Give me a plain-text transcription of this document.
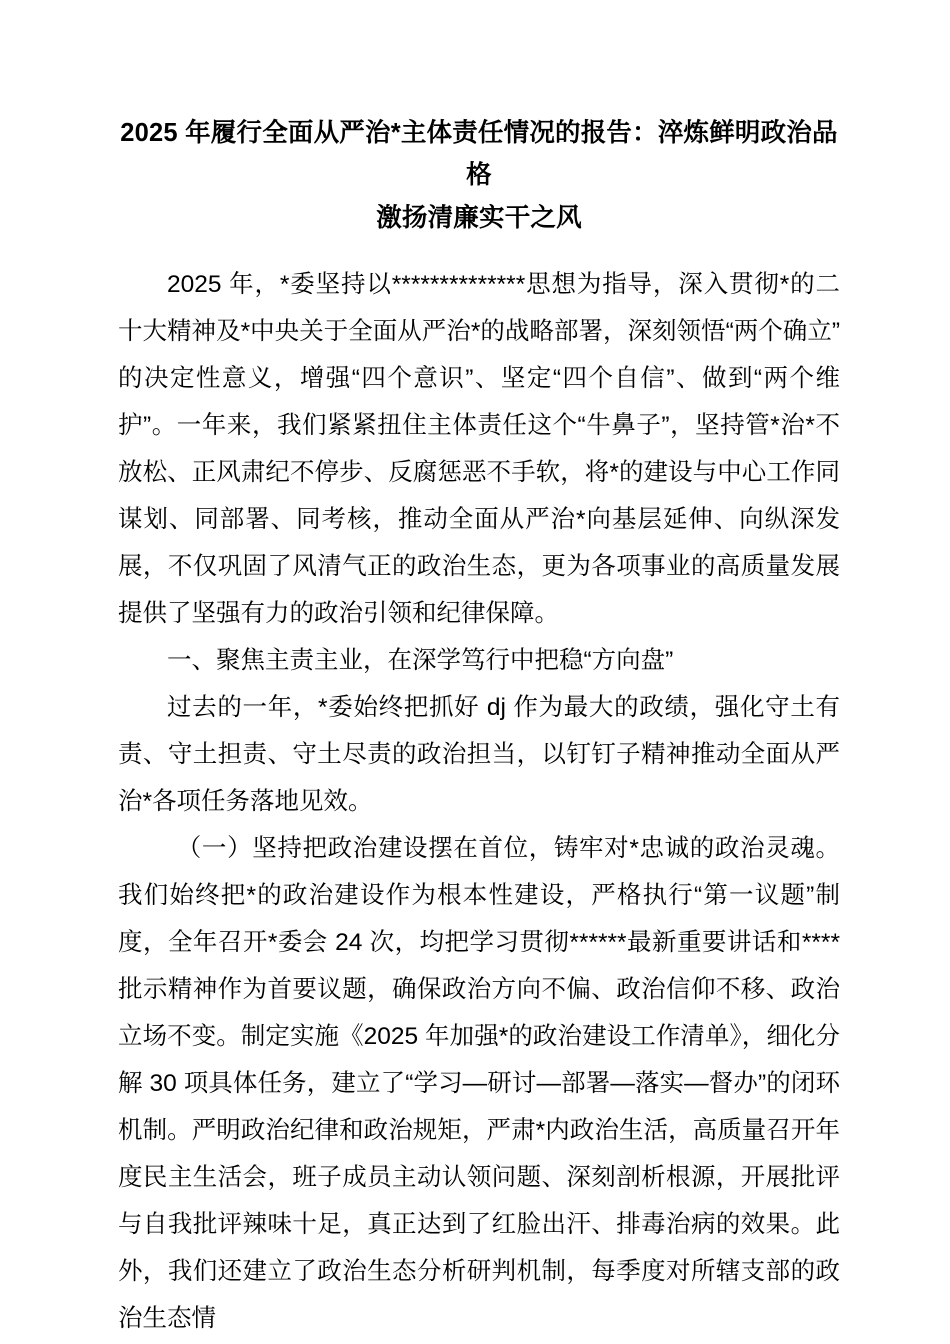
2025 年履行全面从严治*主体责任情况的报告：淬炼鲜明政治品格
激扬清廉实干之风

2025 年，*委坚持以**************思想为指导，深入贯彻*的二十大精神及*中央关于全面从严治*的战略部署，深刻领悟“两个确立”的决定性意义，增强“四个意识”、坚定“四个自信”、做到“两个维护”。一年来，我们紧紧扭住主体责任这个“牛鼻子”，坚持管*治*不放松、正风肃纪不停步、反腐惩恶不手软，将*的建设与中心工作同谋划、同部署、同考核，推动全面从严治*向基层延伸、向纵深发展，不仅巩固了风清气正的政治生态，更为各项事业的高质量发展提供了坚强有力的政治引领和纪律保障。

一、聚焦主责主业，在深学笃行中把稳“方向盘”

过去的一年，*委始终把抓好 dj 作为最大的政绩，强化守土有责、守土担责、守土尽责的政治担当，以钉钉子精神推动全面从严治*各项任务落地见效。

（一）坚持把政治建设摆在首位，铸牢对*忠诚的政治灵魂。我们始终把*的政治建设作为根本性建设，严格执行“第一议题”制度，全年召开*委会 24 次，均把学习贯彻******最新重要讲话和****批示精神作为首要议题，确保政治方向不偏、政治信仰不移、政治立场不变。制定实施《2025 年加强*的政治建设工作清单》，细化分解 30 项具体任务，建立了“学习—研讨—部署—落实—督办”的闭环机制。严明政治纪律和政治规矩，严肃*内政治生活，高质量召开年度民主生活会，班子成员主动认领问题、深刻剖析根源，开展批评与自我批评辣味十足，真正达到了红脸出汗、排毒治病的效果。此外，我们还建立了政治生态分析研判机制，每季度对所辖支部的政治生态情
